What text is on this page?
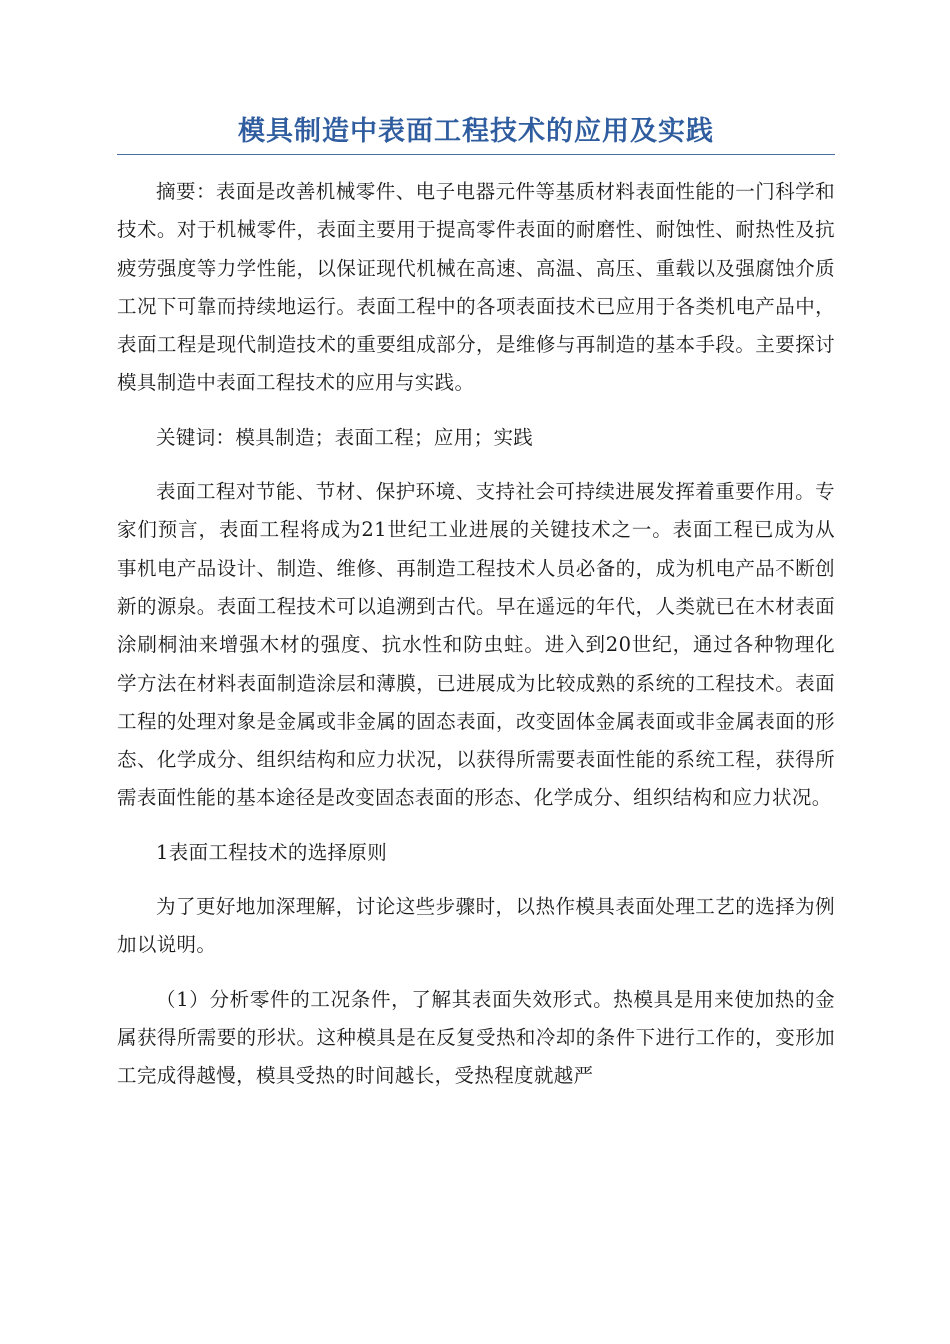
模具制造中表面工程技术的应用及实践

摘要：表面是改善机械零件、电子电器元件等基质材料表面性能的一门科学和技术。对于机械零件，表面主要用于提高零件表面的耐磨性、耐蚀性、耐热性及抗疲劳强度等力学性能，以保证现代机械在高速、高温、高压、重载以及强腐蚀介质工况下可靠而持续地运行。表面工程中的各项表面技术已应用于各类机电产品中，表面工程是现代制造技术的重要组成部分，是维修与再制造的基本手段。主要探讨模具制造中表面工程技术的应用与实践。

关键词：模具制造；表面工程；应用；实践

表面工程对节能、节材、保护环境、支持社会可持续进展发挥着重要作用。专家们预言，表面工程将成为21世纪工业进展的关键技术之一。表面工程已成为从事机电产品设计、制造、维修、再制造工程技术人员必备的，成为机电产品不断创新的源泉。表面工程技术可以追溯到古代。早在遥远的年代，人类就已在木材表面涂刷桐油来增强木材的强度、抗水性和防虫蛀。进入到20世纪，通过各种物理化学方法在材料表面制造涂层和薄膜，已进展成为比较成熟的系统的工程技术。表面工程的处理对象是金属或非金属的固态表面，改变固体金属表面或非金属表面的形态、化学成分、组织结构和应力状况，以获得所需要表面性能的系统工程，获得所需表面性能的基本途径是改变固态表面的形态、化学成分、组织结构和应力状况。

1表面工程技术的选择原则

为了更好地加深理解，讨论这些步骤时，以热作模具表面处理工艺的选择为例加以说明。

（1）分析零件的工况条件，了解其表面失效形式。热模具是用来使加热的金属获得所需要的形状。这种模具是在反复受热和冷却的条件下进行工作的，变形加工完成得越慢，模具受热的时间越长，受热程度就越严
